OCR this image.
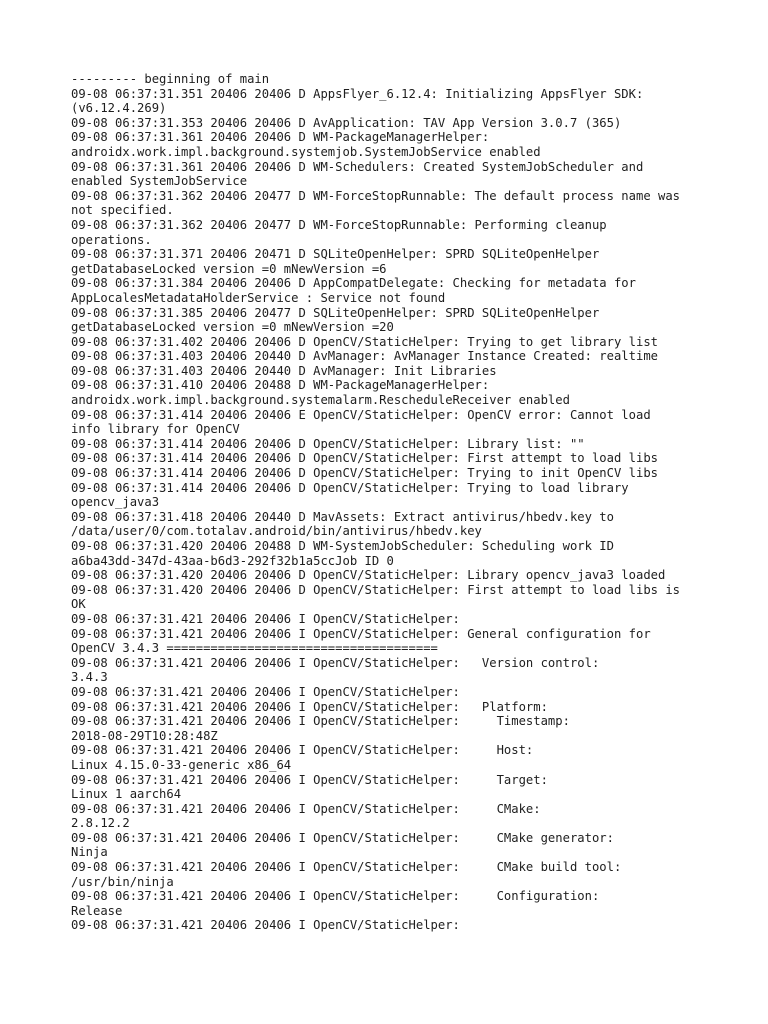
--------- beginning of main
09-08 06:37:31.351 20406 20406 D AppsFlyer_6.12.4: Initializing AppsFlyer SDK:
(v6.12.4.269)
09-08 06:37:31.353 20406 20406 D AvApplication: TAV App Version 3.0.7 (365)
09-08 06:37:31.361 20406 20406 D WM-PackageManagerHelper:
androidx.work.impl.background.systemjob.SystemJobService enabled
09-08 06:37:31.361 20406 20406 D WM-Schedulers: Created SystemJobScheduler and
enabled SystemJobService
09-08 06:37:31.362 20406 20477 D WM-ForceStopRunnable: The default process name was
not specified.
09-08 06:37:31.362 20406 20477 D WM-ForceStopRunnable: Performing cleanup
operations.
09-08 06:37:31.371 20406 20471 D SQLiteOpenHelper: SPRD SQLiteOpenHelper
getDatabaseLocked version =0 mNewVersion =6
09-08 06:37:31.384 20406 20406 D AppCompatDelegate: Checking for metadata for
AppLocalesMetadataHolderService : Service not found
09-08 06:37:31.385 20406 20477 D SQLiteOpenHelper: SPRD SQLiteOpenHelper
getDatabaseLocked version =0 mNewVersion =20
09-08 06:37:31.402 20406 20406 D OpenCV/StaticHelper: Trying to get library list
09-08 06:37:31.403 20406 20440 D AvManager: AvManager Instance Created: realtime
09-08 06:37:31.403 20406 20440 D AvManager: Init Libraries
09-08 06:37:31.410 20406 20488 D WM-PackageManagerHelper:
androidx.work.impl.background.systemalarm.RescheduleReceiver enabled
09-08 06:37:31.414 20406 20406 E OpenCV/StaticHelper: OpenCV error: Cannot load
info library for OpenCV
09-08 06:37:31.414 20406 20406 D OpenCV/StaticHelper: Library list: ""
09-08 06:37:31.414 20406 20406 D OpenCV/StaticHelper: First attempt to load libs
09-08 06:37:31.414 20406 20406 D OpenCV/StaticHelper: Trying to init OpenCV libs
09-08 06:37:31.414 20406 20406 D OpenCV/StaticHelper: Trying to load library
opencv_java3
09-08 06:37:31.418 20406 20440 D MavAssets: Extract antivirus/hbedv.key to
/data/user/0/com.totalav.android/bin/antivirus/hbedv.key
09-08 06:37:31.420 20406 20488 D WM-SystemJobScheduler: Scheduling work ID
a6ba43dd-347d-43aa-b6d3-292f32b1a5ccJob ID 0
09-08 06:37:31.420 20406 20406 D OpenCV/StaticHelper: Library opencv_java3 loaded
09-08 06:37:31.420 20406 20406 D OpenCV/StaticHelper: First attempt to load libs is
OK
09-08 06:37:31.421 20406 20406 I OpenCV/StaticHelper:
09-08 06:37:31.421 20406 20406 I OpenCV/StaticHelper: General configuration for
OpenCV 3.4.3 =====================================
09-08 06:37:31.421 20406 20406 I OpenCV/StaticHelper:   Version control:
3.4.3
09-08 06:37:31.421 20406 20406 I OpenCV/StaticHelper:
09-08 06:37:31.421 20406 20406 I OpenCV/StaticHelper:   Platform:
09-08 06:37:31.421 20406 20406 I OpenCV/StaticHelper:     Timestamp:
2018-08-29T10:28:48Z
09-08 06:37:31.421 20406 20406 I OpenCV/StaticHelper:     Host:
Linux 4.15.0-33-generic x86_64
09-08 06:37:31.421 20406 20406 I OpenCV/StaticHelper:     Target:
Linux 1 aarch64
09-08 06:37:31.421 20406 20406 I OpenCV/StaticHelper:     CMake:
2.8.12.2
09-08 06:37:31.421 20406 20406 I OpenCV/StaticHelper:     CMake generator:
Ninja
09-08 06:37:31.421 20406 20406 I OpenCV/StaticHelper:     CMake build tool:
/usr/bin/ninja
09-08 06:37:31.421 20406 20406 I OpenCV/StaticHelper:     Configuration:
Release
09-08 06:37:31.421 20406 20406 I OpenCV/StaticHelper:
